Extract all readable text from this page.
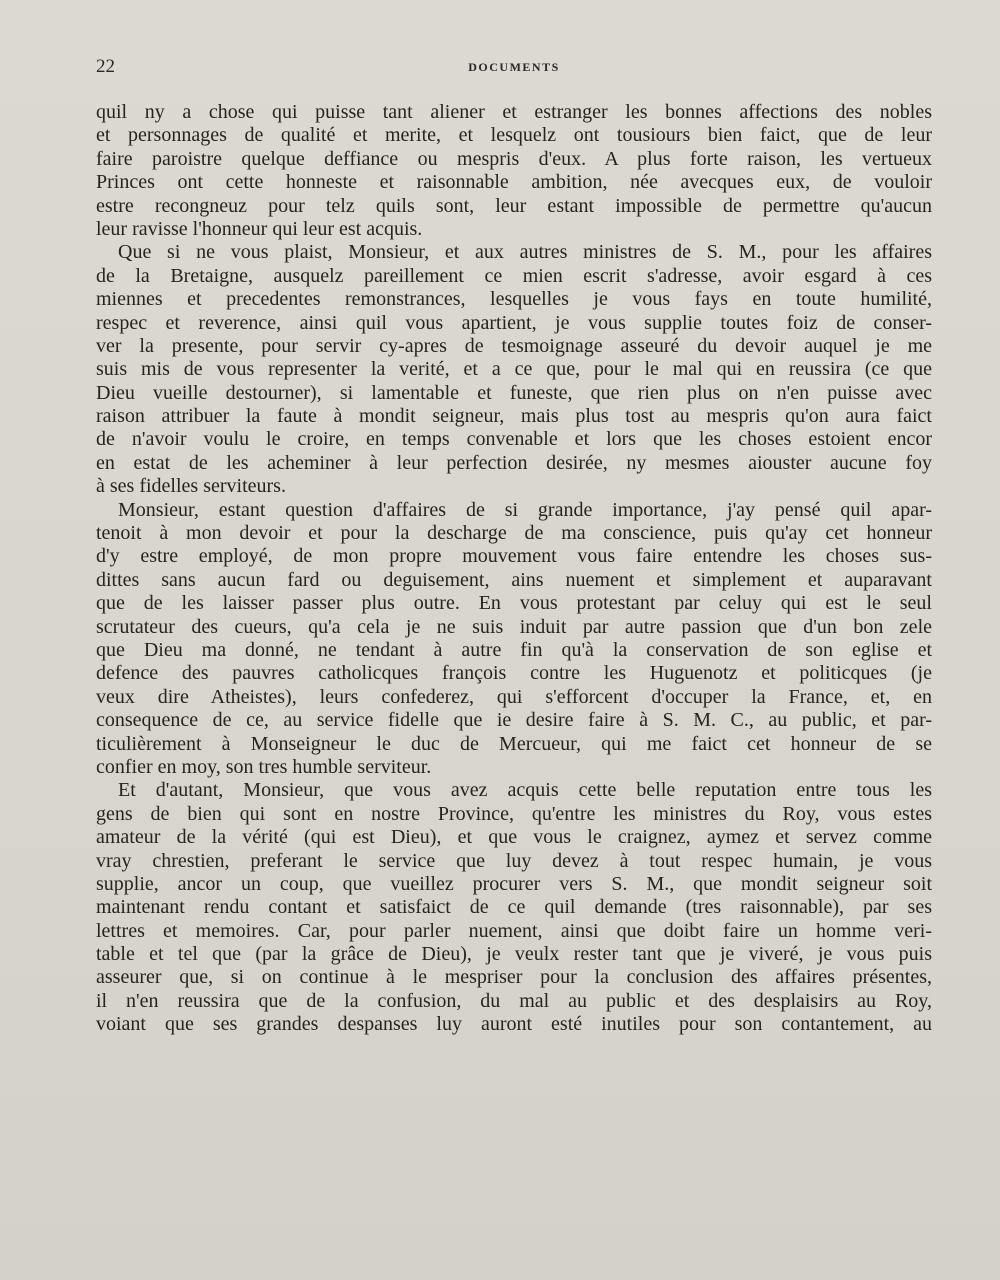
22	DOCUMENTS
quil ny a chose qui puisse tant aliener et estranger les bonnes affections des nobles
et personnages de qualité et merite, et lesquelz ont tousiours bien faict, que de leur
faire paroistre quelque deffiance ou mespris d'eux. A plus forte raison, les vertueux
Princes ont cette honneste et raisonnable ambition, née avecques eux, de vouloir
estre recongneuz pour telz quils sont, leur estant impossible de permettre qu'aucun
leur ravisse l'honneur qui leur est acquis.
Que si ne vous plaist, Monsieur, et aux autres ministres de S. M., pour les affaires
de la Bretaigne, ausquelz pareillement ce mien escrit s'adresse, avoir esgard à ces
miennes et precedentes remonstrances, lesquelles je vous fays en toute humilité,
respec et reverence, ainsi quil vous apartient, je vous supplie toutes foiz de conser-
ver la presente, pour servir cy-apres de tesmoignage asseuré du devoir auquel je me
suis mis de vous representer la verité, et a ce que, pour le mal qui en reussira (ce que
Dieu vueille destourner), si lamentable et funeste, que rien plus on n'en puisse avec
raison attribuer la faute à mondit seigneur, mais plus tost au mespris qu'on aura faict
de n'avoir voulu le croire, en temps convenable et lors que les choses estoient encor
en estat de les acheminer à leur perfection desirée, ny mesmes aiouster aucune foy
à ses fidelles serviteurs.
Monsieur, estant question d'affaires de si grande importance, j'ay pensé quil apar-
tenoit à mon devoir et pour la descharge de ma conscience, puis qu'ay cet honneur
d'y estre employé, de mon propre mouvement vous faire entendre les choses sus-
dittes sans aucun fard ou deguisement, ains nuement et simplement et auparavant
que de les laisser passer plus outre. En vous protestant par celuy qui est le seul
scrutateur des cueurs, qu'a cela je ne suis induit par autre passion que d'un bon zele
que Dieu ma donné, ne tendant à autre fin qu'à la conservation de son eglise et
defence des pauvres catholicques françois contre les Huguenotz et politicques (je
veux dire Atheistes), leurs confederez, qui s'efforcent d'occuper la France, et, en
consequence de ce, au service fidelle que ie desire faire à S. M. C., au public, et par-
ticulièrement à Monseigneur le duc de Mercueur, qui me faict cet honneur de se
confier en moy, son tres humble serviteur.
Et d'autant, Monsieur, que vous avez acquis cette belle reputation entre tous les
gens de bien qui sont en nostre Province, qu'entre les ministres du Roy, vous estes
amateur de la vérité (qui est Dieu), et que vous le craignez, aymez et servez comme
vray chrestien, preferant le service que luy devez à tout respec humain, je vous
supplie, ancor un coup, que vueillez procurer vers S. M., que mondit seigneur soit
maintenant rendu contant et satisfaict de ce quil demande (tres raisonnable), par ses
lettres et memoires. Car, pour parler nuement, ainsi que doibt faire un homme veri-
table et tel que (par la grâce de Dieu), je veulx rester tant que je viveré, je vous puis
asseurer que, si on continue à le mespriser pour la conclusion des affaires présentes,
il n'en reussira que de la confusion, du mal au public et des desplaisirs au Roy,
voiant que ses grandes despanses luy auront esté inutiles pour son contantement, au
